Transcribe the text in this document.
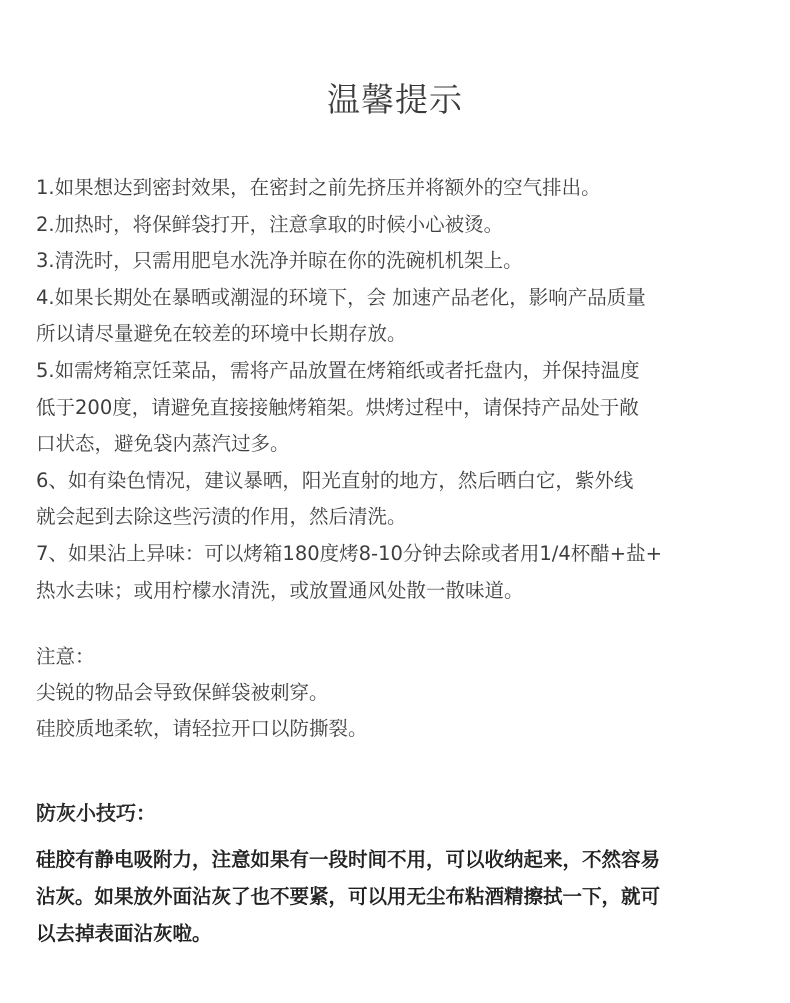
温馨提示
1.如果想达到密封效果，在密封之前先挤压并将额外的空气排出。
2.加热时，将保鲜袋打开，注意拿取的时候小心被烫。
3.清洗时，只需用肥皂水洗净并晾在你的洗碗机机架上。
4.如果长期处在暴晒或潮湿的环境下，会 加速产品老化，影响产品质量
所以请尽量避免在较差的环境中长期存放。
5.如需烤箱烹饪菜品，需将产品放置在烤箱纸或者托盘内，并保持温度
低于200度，请避免直接接触烤箱架。烘烤过程中，请保持产品处于敞
口状态，避免袋内蒸汽过多。
6、如有染色情况，建议暴晒，阳光直射的地方，然后晒白它，紫外线
就会起到去除这些污渍的作用，然后清洗。
7、如果沾上异味：可以烤箱180度烤8-10分钟去除或者用1/4杯醋+盐+
热水去味；或用柠檬水清洗，或放置通风处散一散味道。
注意：
尖锐的物品会导致保鲜袋被刺穿。
硅胶质地柔软，请轻拉开口以防撕裂。
防灰小技巧：
硅胶有静电吸附力，注意如果有一段时间不用，可以收纳起来，不然容易
沾灰。如果放外面沾灰了也不要紧，可以用无尘布粘酒精擦拭一下，就可
以去掉表面沾灰啦。
